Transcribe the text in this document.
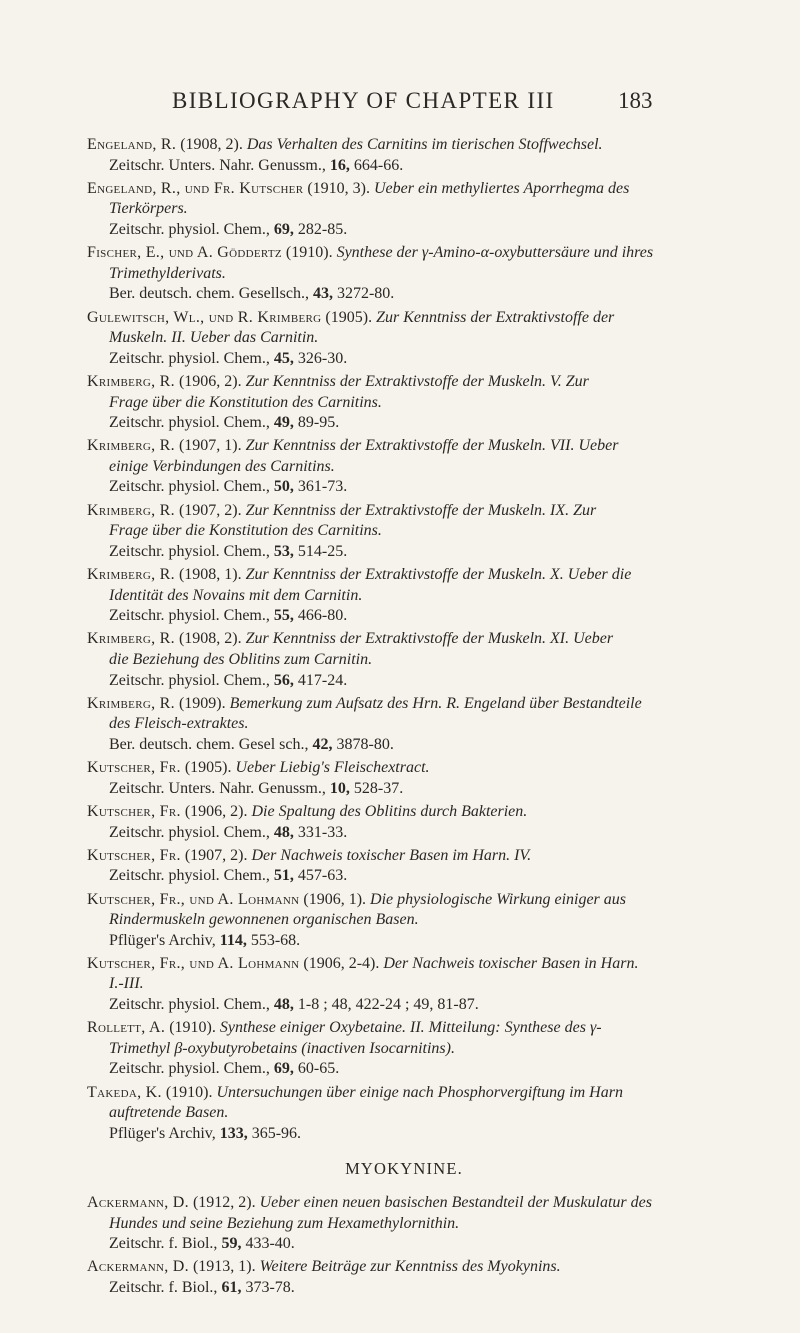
BIBLIOGRAPHY OF CHAPTER III	183
Engeland, R. (1908, 2). Das Verhalten des Carnitins im tierischen Stoffwechsel.
Zeitschr. Unters. Nahr. Genussm., 16, 664-66.
Engeland, R., und Fr. Kutscher (1910, 3). Ueber ein methyliertes Aporrhegma des
Tierkörpers.
Zeitschr. physiol. Chem., 69, 282-85.
Fischer, E., und A. Göddertz (1910). Synthese der γ-Amino-α-oxybuttersäure und ihres
Trimethylderivats.
Ber. deutsch. chem. Gesellsch., 43, 3272-80.
Gulewitsch, Wl., und R. Krimberg (1905). Zur Kenntniss der Extraktivstoffe der
Muskeln. II. Ueber das Carnitin.
Zeitschr. physiol. Chem., 45, 326-30.
Krimberg, R. (1906, 2). Zur Kenntniss der Extraktivstoffe der Muskeln. V. Zur
Frage über die Konstitution des Carnitins.
Zeitschr. physiol. Chem., 49, 89-95.
Krimberg, R. (1907, 1). Zur Kenntniss der Extraktivstoffe der Muskeln. VII. Ueber
einige Verbindungen des Carnitins.
Zeitschr. physiol. Chem., 50, 361-73.
Krimberg, R. (1907, 2). Zur Kenntniss der Extraktivstoffe der Muskeln. IX. Zur
Frage über die Konstitution des Carnitins.
Zeitschr. physiol. Chem., 53, 514-25.
Krimberg, R. (1908, 1). Zur Kenntniss der Extraktivstoffe der Muskeln. X. Ueber die
Identität des Novains mit dem Carnitin.
Zeitschr. physiol. Chem., 55, 466-80.
Krimberg, R. (1908, 2). Zur Kenntniss der Extraktivstoffe der Muskeln. XI. Ueber
die Beziehung des Oblitins zum Carnitin.
Zeitschr. physiol. Chem., 56, 417-24.
Krimberg, R. (1909). Bemerkung zum Aufsatz des Hrn. R. Engeland über Bestandteile
des Fleisch-extraktes.
Ber. deutsch. chem. Gesel sch., 42, 3878-80.
Kutscher, Fr. (1905). Ueber Liebig's Fleischextract.
Zeitschr. Unters. Nahr. Genussm., 10, 528-37.
Kutscher, Fr. (1906, 2). Die Spaltung des Oblitins durch Bakterien.
Zeitschr. physiol. Chem., 48, 331-33.
Kutscher, Fr. (1907, 2). Der Nachweis toxischer Basen im Harn. IV.
Zeitschr. physiol. Chem., 51, 457-63.
Kutscher, Fr., und A. Lohmann (1906, 1). Die physiologische Wirkung einiger aus
Rindermuskeln gewonnenen organischen Basen.
Pflüger's Archiv, 114, 553-68.
Kutscher, Fr., und A. Lohmann (1906, 2-4). Der Nachweis toxischer Basen in Harn.
I.-III.
Zeitschr. physiol. Chem., 48, 1-8 ; 48, 422-24 ; 49, 81-87.
Rollett, A. (1910). Synthese einiger Oxybetaine. II. Mitteilung: Synthese des γ-
Trimethyl β-oxybutyrobetains (inactiven Isocarnitins).
Zeitschr. physiol. Chem., 69, 60-65.
Takeda, K. (1910). Untersuchungen über einige nach Phosphorvergiftung im Harn
auftretende Basen.
Pflüger's Archiv, 133, 365-96.
MYOKYNINE.
Ackermann, D. (1912, 2). Ueber einen neuen basischen Bestandteil der Muskulatur des
Hundes und seine Beziehung zum Hexamethylornithin.
Zeitschr. f. Biol., 59, 433-40.
Ackermann, D. (1913, 1). Weitere Beiträge zur Kenntniss des Myokynins.
Zeitschr. f. Biol., 61, 373-78.
